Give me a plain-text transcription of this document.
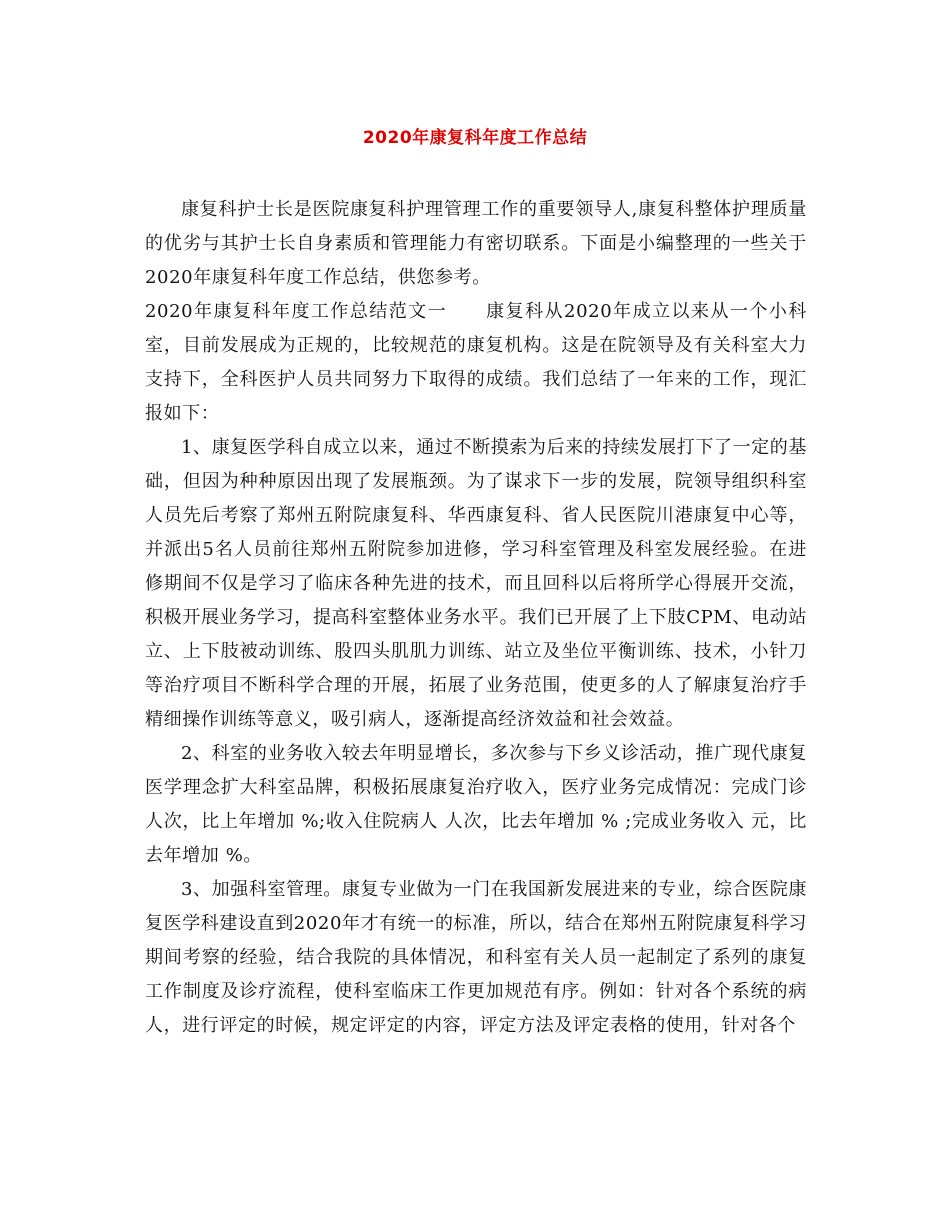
2020年康复科年度工作总结

康复科护士长是医院康复科护理管理工作的重要领导人,康复科整体护理质量的优劣与其护士长自身素质和管理能力有密切联系。下面是小编整理的一些关于2020年康复科年度工作总结，供您参考。

2020年康复科年度工作总结范文一　　康复科从2020年成立以来从一个小科室，目前发展成为正规的，比较规范的康复机构。这是在院领导及有关科室大力支持下，全科医护人员共同努力下取得的成绩。我们总结了一年来的工作，现汇报如下：

1、康复医学科自成立以来，通过不断摸索为后来的持续发展打下了一定的基础，但因为种种原因出现了发展瓶颈。为了谋求下一步的发展，院领导组织科室人员先后考察了郑州五附院康复科、华西康复科、省人民医院川港康复中心等，并派出5名人员前往郑州五附院参加进修，学习科室管理及科室发展经验。在进修期间不仅是学习了临床各种先进的技术，而且回科以后将所学心得展开交流，积极开展业务学习，提高科室整体业务水平。我们已开展了上下肢CPM、电动站立、上下肢被动训练、股四头肌肌力训练、站立及坐位平衡训练、技术，小针刀等治疗项目不断科学合理的开展，拓展了业务范围，使更多的人了解康复治疗手精细操作训练等意义，吸引病人，逐渐提高经济效益和社会效益。

2、科室的业务收入较去年明显增长，多次参与下乡义诊活动，推广现代康复医学理念扩大科室品牌，积极拓展康复治疗收入，医疗业务完成情况：完成门诊人次，比上年增加 %;收入住院病人 人次，比去年增加 % ;完成业务收入 元，比去年增加 %。

3、加强科室管理。康复专业做为一门在我国新发展进来的专业，综合医院康复医学科建设直到2020年才有统一的标准，所以，结合在郑州五附院康复科学习期间考察的经验，结合我院的具体情况，和科室有关人员一起制定了系列的康复工作制度及诊疗流程，使科室临床工作更加规范有序。例如：针对各个系统的病人，进行评定的时候，规定评定的内容，评定方法及评定表格的使用，针对各个
